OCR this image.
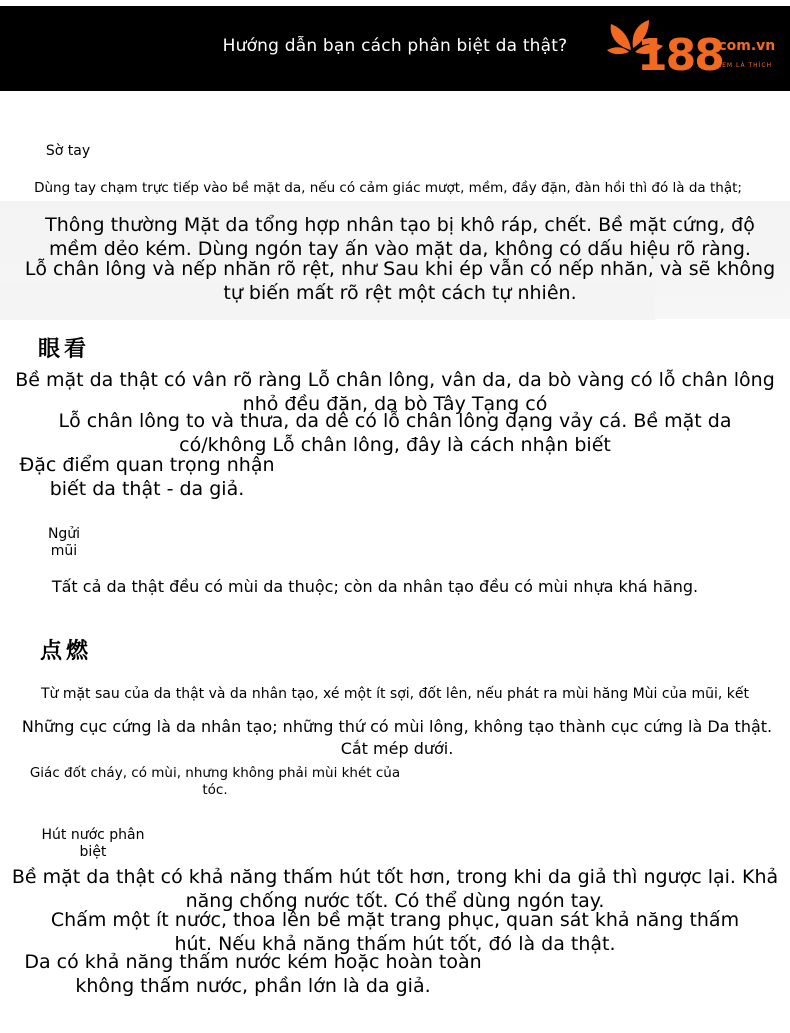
Hướng dẫn bạn cách phân biệt da thật?	188
.com.vn
XEM LÀ THÍCH
Sờ tay
Dùng tay chạm trực tiếp vào bề mặt da, nếu có cảm giác mượt, mềm, đầy đặn, đàn hồi thì đó là da thật;
Thông thường Mặt da tổng hợp nhân tạo bị khô ráp, chết. Bề mặt cứng, độ mềm dẻo kém. Dùng ngón tay ấn vào mặt da, không có dấu hiệu rõ ràng.
Lỗ chân lông và nếp nhăn rõ rệt, như Sau khi ép vẫn có nếp nhăn, và sẽ không tự biến mất rõ rệt một cách tự nhiên.
眼看
Bề mặt da thật có vân rõ ràng Lỗ chân lông, vân da, da bò vàng có lỗ chân lông nhỏ đều đặn, da bò Tây Tạng có
Lỗ chân lông to và thưa, da dê có lỗ chân lông dạng vảy cá. Bề mặt da có/không Lỗ chân lông, đây là cách nhận biết
Đặc điểm quan trọng nhận biết da thật - da giả.
Ngửi mũi
Tất cả da thật đều có mùi da thuộc; còn da nhân tạo đều có mùi nhựa khá hăng.
点燃
Từ mặt sau của da thật và da nhân tạo, xé một ít sợi, đốt lên, nếu phát ra mùi hăng Mùi của mũi, kết
Những cục cứng là da nhân tạo; những thứ có mùi lông, không tạo thành cục cứng là Da thật. Cắt mép dưới.
Giác đốt cháy, có mùi, nhưng không phải mùi khét của tóc.
Hút nước phân biệt
Bề mặt da thật có khả năng thấm hút tốt hơn, trong khi da giả thì ngược lại. Khả năng chống nước tốt. Có thể dùng ngón tay.
Chấm một ít nước, thoa lên bề mặt trang phục, quan sát khả năng thấm hút. Nếu khả năng thấm hút tốt, đó là da thật.
Da có khả năng thấm nước kém hoặc hoàn toàn không thấm nước, phần lớn là da giả.
